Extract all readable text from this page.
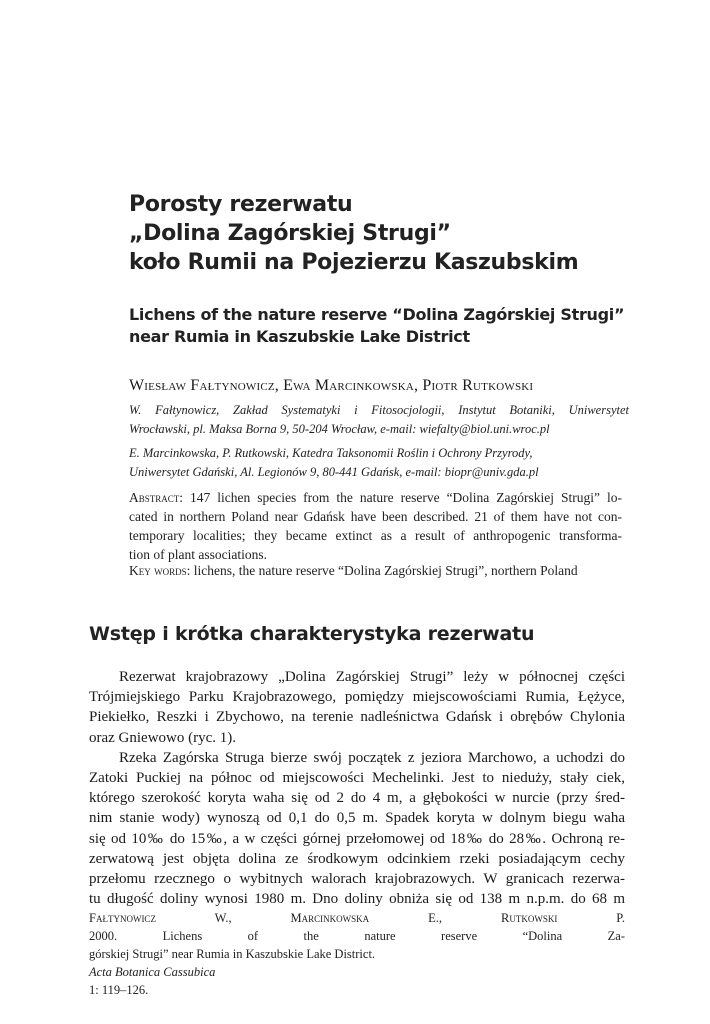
Porosty rezerwatu
„Dolina Zagórskiej Strugi”
koło Rumii na Pojezierzu Kaszubskim
Lichens of the nature reserve “Dolina Zagórskiej Strugi”
near Rumia in Kaszubskie Lake District

Wiesław Fałtynowicz, Ewa Marcinkowska, Piotr Rutkowski

W. Fałtynowicz, Zakład Systematyki i Fitosocjologii, Instytut Botaniki, Uniwersytet
Wrocławski, pl. Maksa Borna 9, 50-204 Wrocław, e-mail: wiefalty@biol.uni.wroc.pl

E. Marcinkowska, P. Rutkowski, Katedra Taksonomii Roślin i Ochrony Przyrody,
Uniwersytet Gdański, Al. Legionów 9, 80-441 Gdańsk, e-mail: biopr@univ.gda.pl

Abstract: 147 lichen species from the nature reserve “Dolina Zagórskiej Strugi” lo-
cated in northern Poland near Gdańsk have been described. 21 of them have not con-
temporary localities; they became extinct as a result of anthropogenic transforma-
tion of plant associations.

Key words: lichens, the nature reserve “Dolina Zagórskiej Strugi”, northern Poland

Wstęp i krótka charakterystyka rezerwatu
Rezerwat krajobrazowy „Dolina Zagórskiej Strugi” leży w północnej części
Trójmiejskiego Parku Krajobrazowego, pomiędzy miejscowościami Rumia, Łężyce,
Piekiełko, Reszki i Zbychowo, na terenie nadleśnictwa Gdańsk i obrębów Chylonia
oraz Gniewowo (ryc. 1).
Rzeka Zagórska Struga bierze swój początek z jeziora Marchowo, a uchodzi do
Zatoki Puckiej na północ od miejscowości Mechelinki. Jest to nieduży, stały ciek,
którego szerokość koryta waha się od 2 do 4 m, a głębokości w nurcie (przy śred-
nim stanie wody) wynoszą od 0,1 do 0,5 m. Spadek koryta w dolnym biegu waha
się od 10‰ do 15‰, a w części górnej przełomowej od 18‰ do 28‰. Ochroną re-
zerwatową jest objęta dolina ze środkowym odcinkiem rzeki posiadającym cechy
przełomu rzecznego o wybitnych walorach krajobrazowych. W granicach rezerwa-
tu długość doliny wynosi 1980 m. Dno doliny obniża się od 138 m n.p.m. do 68 m
Fałtynowicz W., Marcinkowska E., Rutkowski P.
2000. Lichens of the nature reserve “Dolina Za-
górskiej Strugi” near Rumia in Kaszubskie Lake District.
Acta Botanica Cassubica
1: 119–126.
